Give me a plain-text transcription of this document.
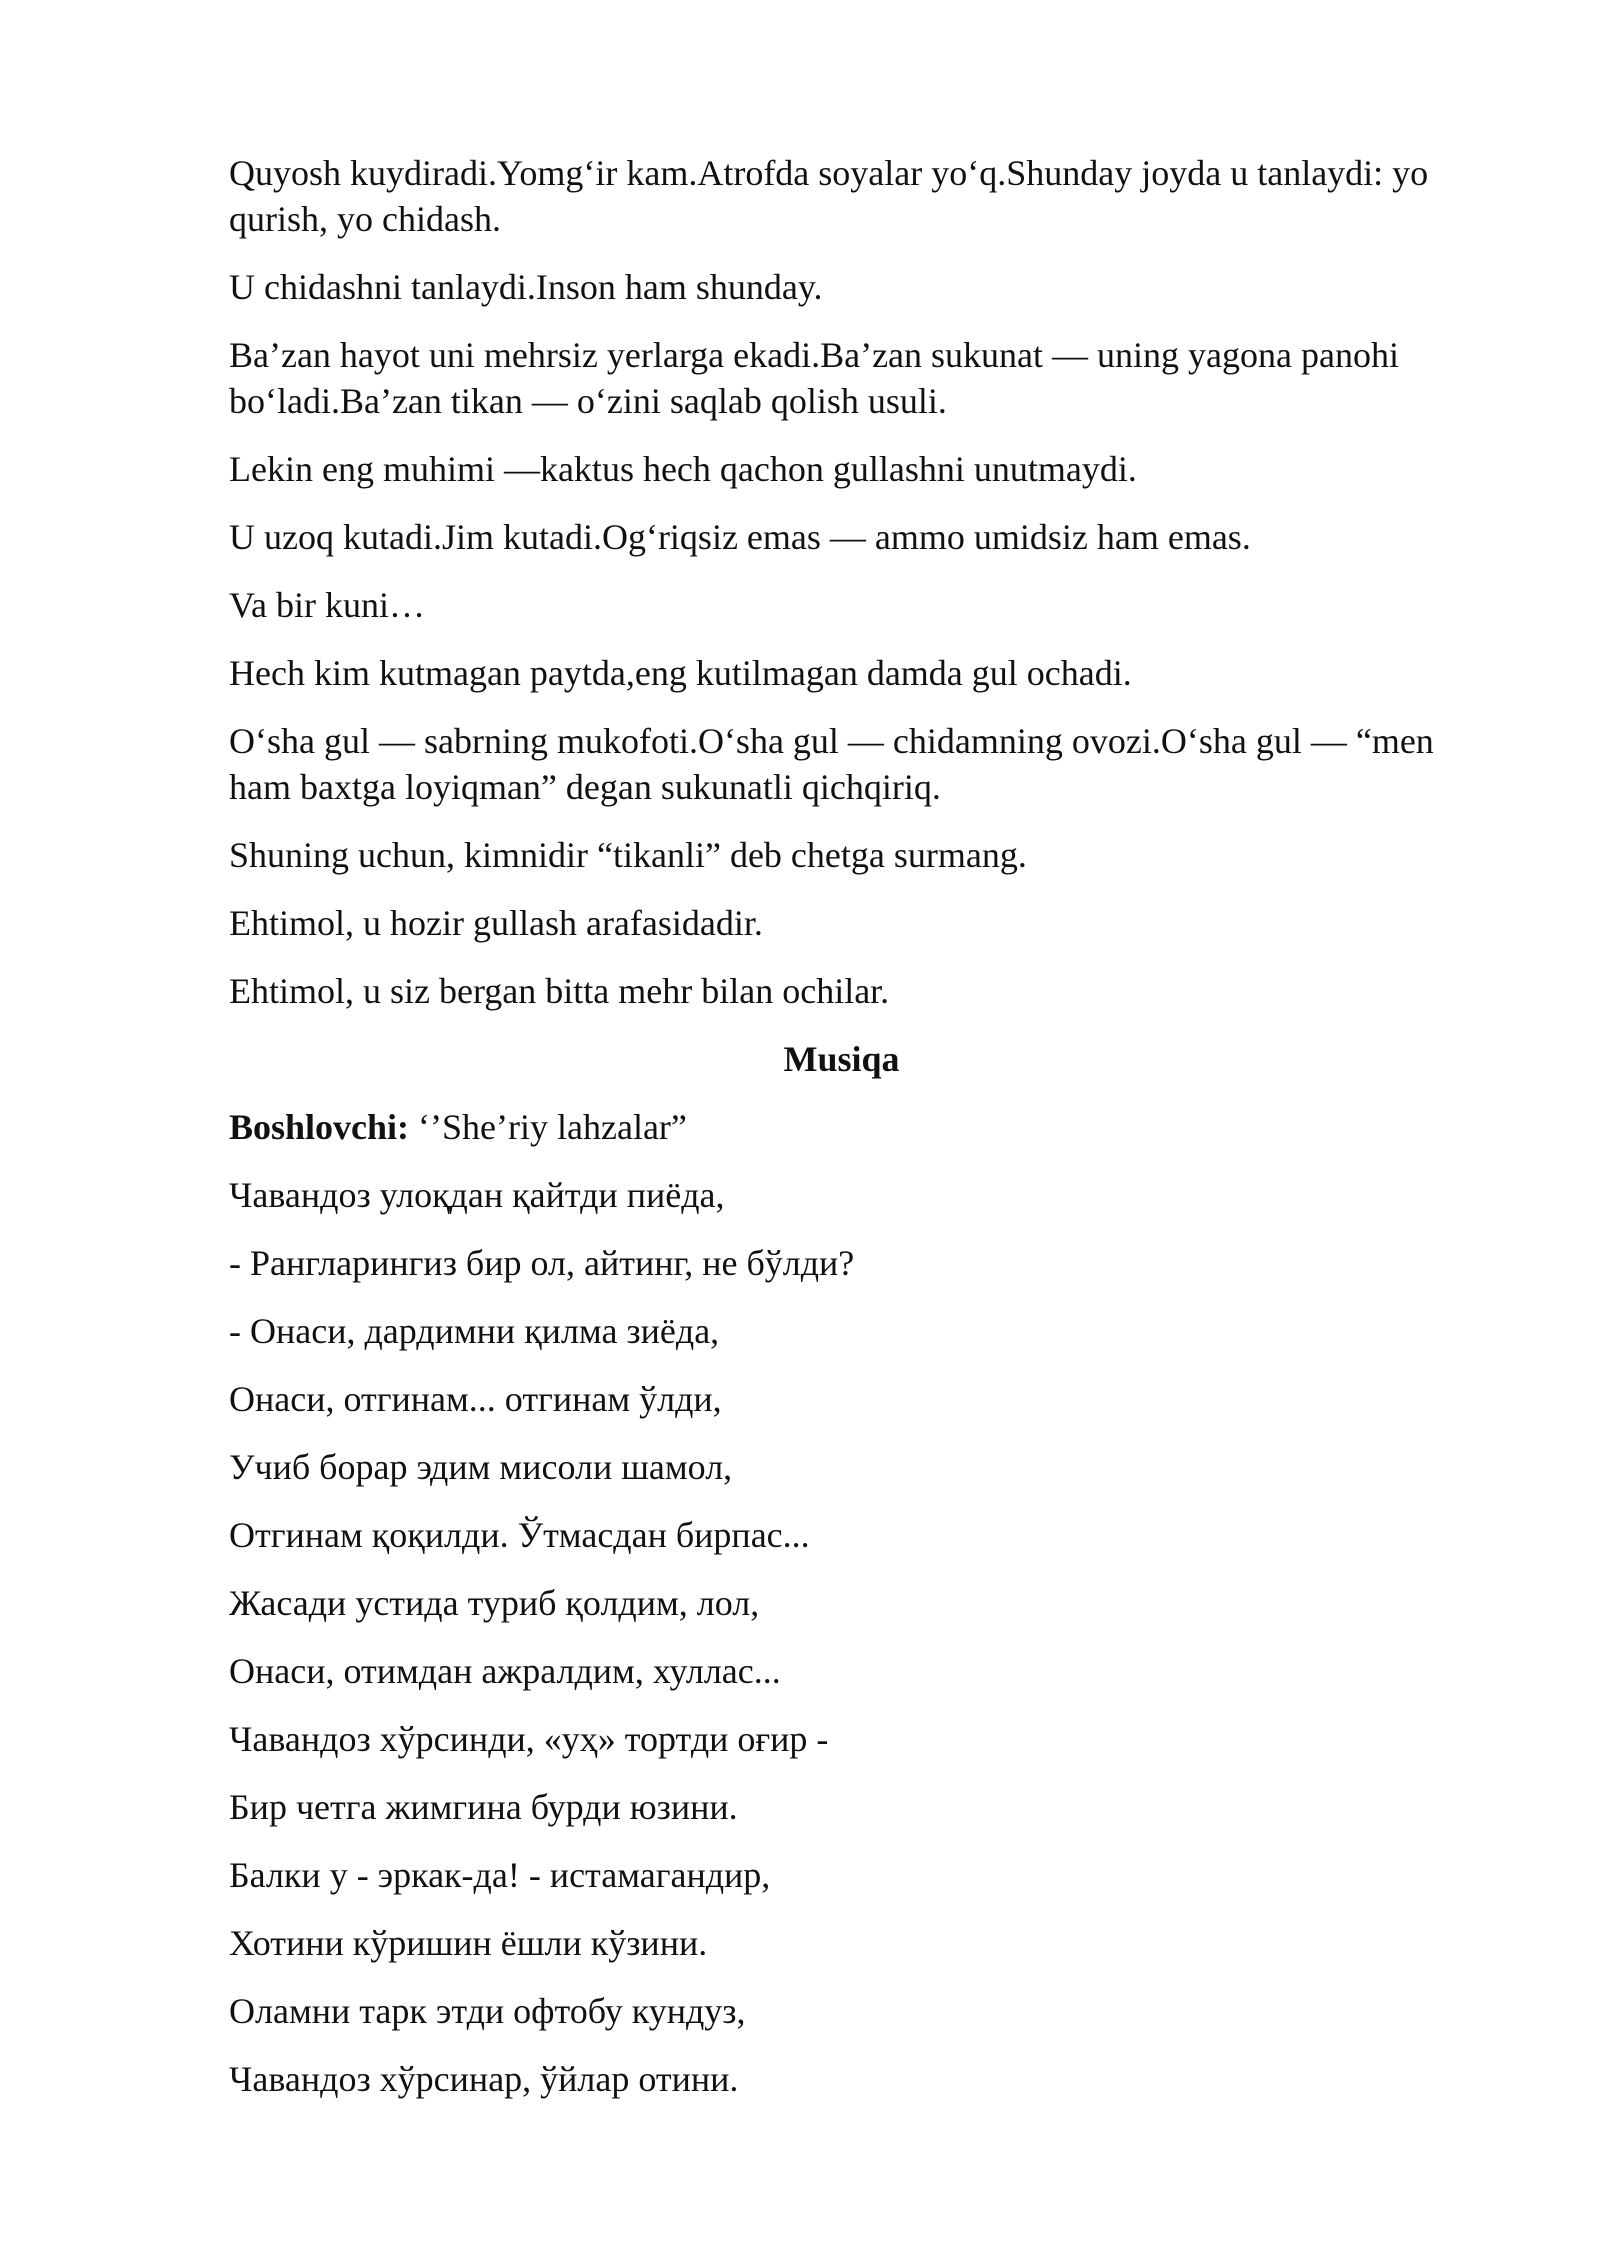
Quyosh kuydiradi.Yomg‘ir kam.Atrofda soyalar yo‘q.Shunday joyda u tanlaydi: yo qurish, yo chidash.

U chidashni tanlaydi.Inson ham shunday.

Ba’zan hayot uni mehrsiz yerlarga ekadi.Ba’zan sukunat — uning yagona panohi bo‘ladi.Ba’zan tikan — o‘zini saqlab qolish usuli.

Lekin eng muhimi —kaktus hech qachon gullashni unutmaydi.

U uzoq kutadi.Jim kutadi.Og‘riqsiz emas — ammo umidsiz ham emas.

Va bir kuni…

Hech kim kutmagan paytda,eng kutilmagan damda gul ochadi.

O‘sha gul — sabrning mukofoti.O‘sha gul — chidamning ovozi.O‘sha gul — “men ham baxtga loyiqman” degan sukunatli qichqiriq.

Shuning uchun, kimnidir “tikanli” deb chetga surmang.

Ehtimol, u hozir gullash arafasidadir.

Ehtimol, u siz bergan bitta mehr bilan ochilar.

Musiqa

Boshlovchi: ‘’She’riy lahzalar”

Чавандоз улоқдан қайтди пиёда,

- Рангларингиз бир ол, айтинг, не бўлди?

- Онаси, дардимни қилма зиёда,

Онаси, отгинам... отгинам ўлди,

Учиб борар эдим мисоли шамол,

Отгинам қоқилди. Ўтмасдан бирпас...

Жасади устида туриб қолдим, лол,

Онаси, отимдан ажралдим, хуллас...

Чавандоз хўрсинди, «уҳ» тортди оғир -

Бир четга жимгина бурди юзини.

Балки у - эркак-да! - истамагандир,

Хотини кўришин ёшли кўзини.

Оламни тарк этди офтобу кундуз,

Чавандоз хўрсинар, ўйлар отини.
